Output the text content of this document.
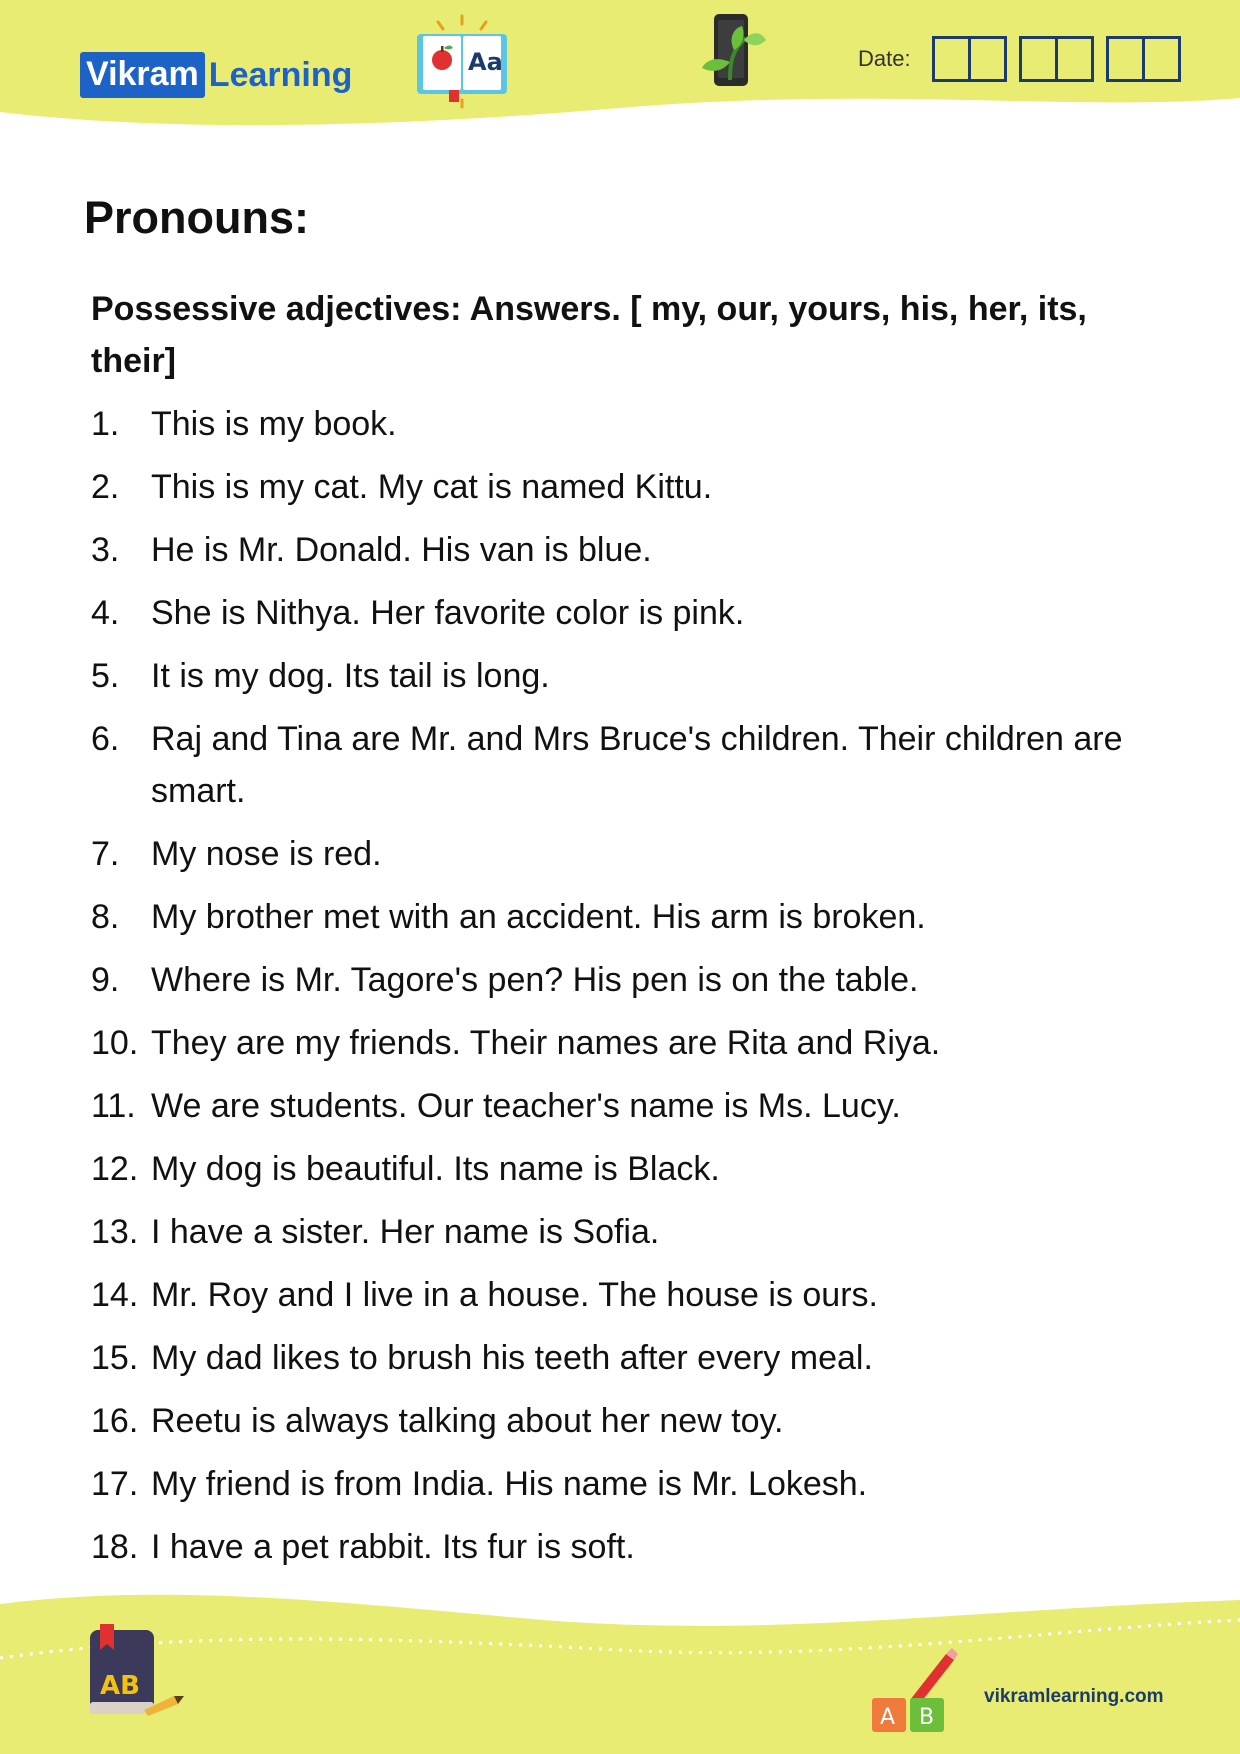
Vikram Learning	Aa	Date:
Pronouns:

Possessive adjectives: Answers. [ my, our, yours, his, her, its, their]

1. This is my book.
2. This is my cat. My cat is named Kittu.
3. He is Mr. Donald. His van is blue.
4. She is Nithya. Her favorite color is pink.
5. It is my dog. Its tail is long.
6. Raj and Tina are Mr. and Mrs Bruce's children. Their children are smart.
7. My nose is red.
8. My brother met with an accident. His arm is broken.
9. Where is Mr. Tagore's pen? His pen is on the table.
10. They are my friends. Their names are Rita and Riya.
11. We are students. Our teacher's name is Ms. Lucy.
12. My dog is beautiful. Its name is Black.
13. I have a sister. Her name is Sofia.
14. Mr. Roy and I live in a house. The house is ours.
15. My dad likes to brush his teeth after every meal.
16. Reetu is always talking about her new toy.
17. My friend is from India. His name is Mr. Lokesh.
18. I have a pet rabbit. Its fur is soft.
AB
A B
vikramlearning.com
